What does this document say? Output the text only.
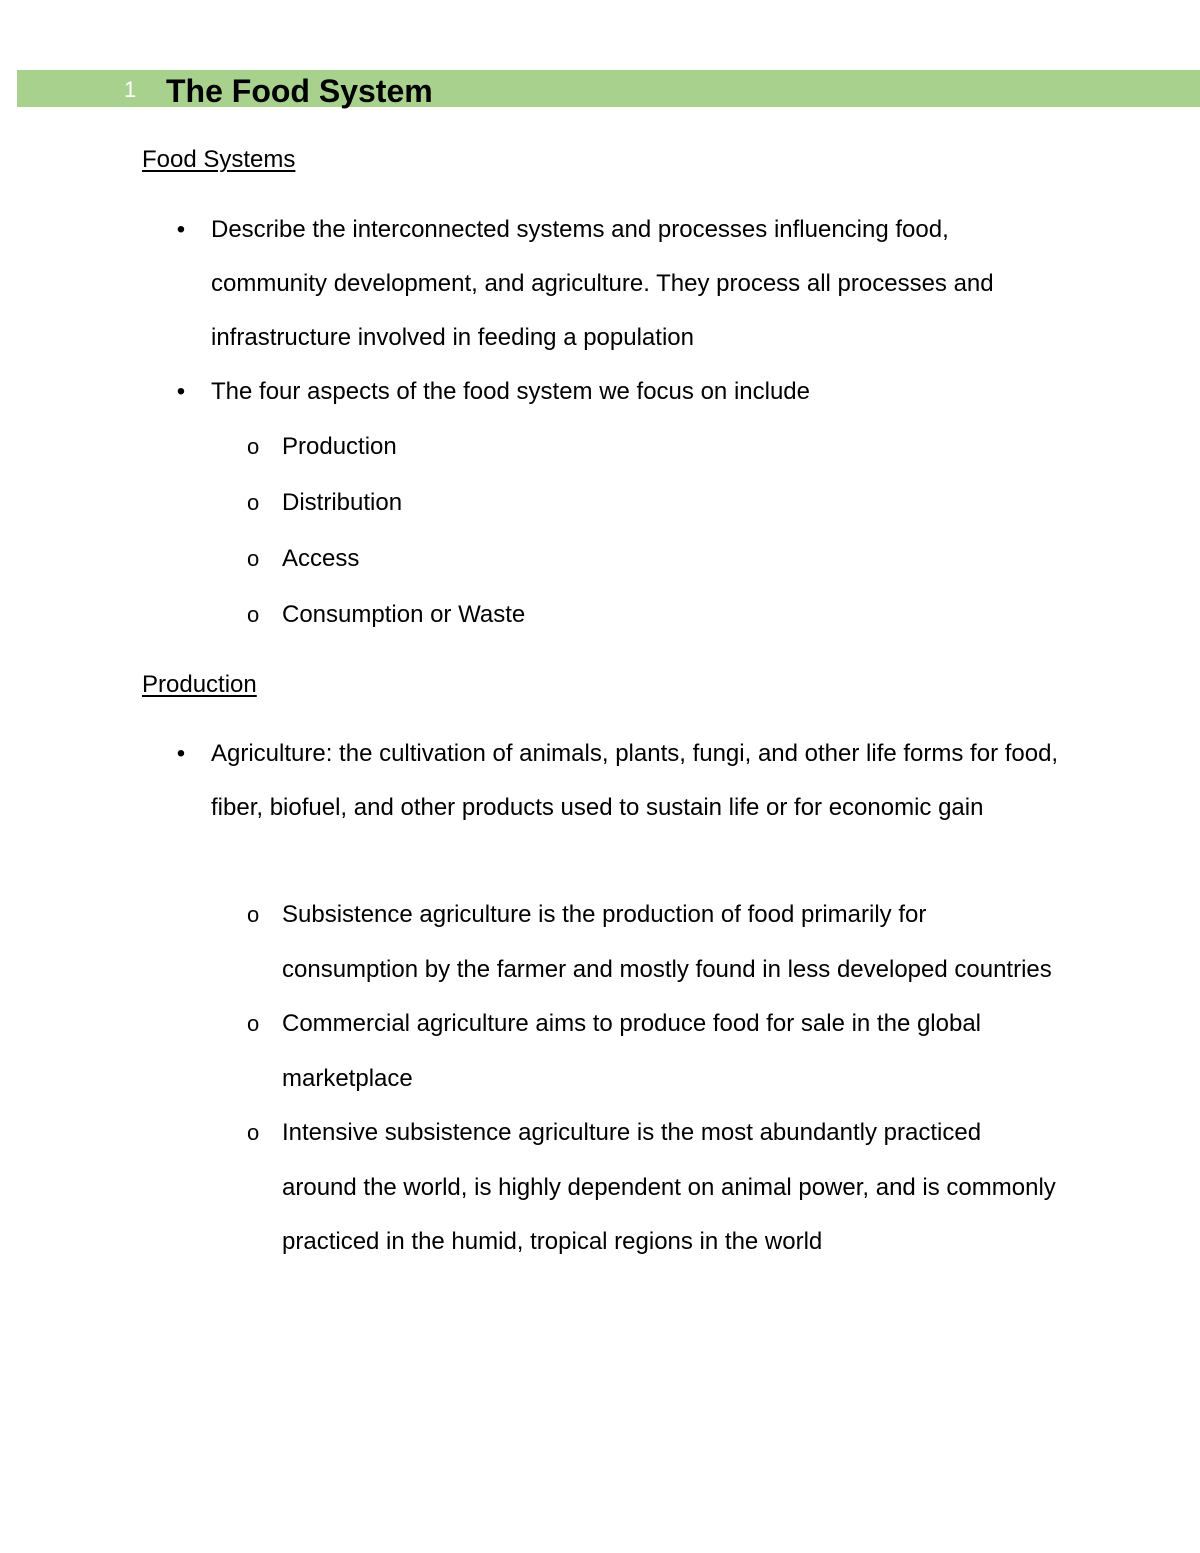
1 The Food System
Food Systems
• Describe the interconnected systems and processes influencing food, community development, and agriculture. They process all processes and infrastructure involved in feeding a population
• The four aspects of the food system we focus on include
o Production
o Distribution
o Access
o Consumption or Waste
Production
• Agriculture: the cultivation of animals, plants, fungi, and other life forms for food, fiber, biofuel, and other products used to sustain life or for economic gain
o Subsistence agriculture is the production of food primarily for consumption by the farmer and mostly found in less developed countries
o Commercial agriculture aims to produce food for sale in the global marketplace
o Intensive subsistence agriculture is the most abundantly practiced around the world, is highly dependent on animal power, and is commonly practiced in the humid, tropical regions in the world
